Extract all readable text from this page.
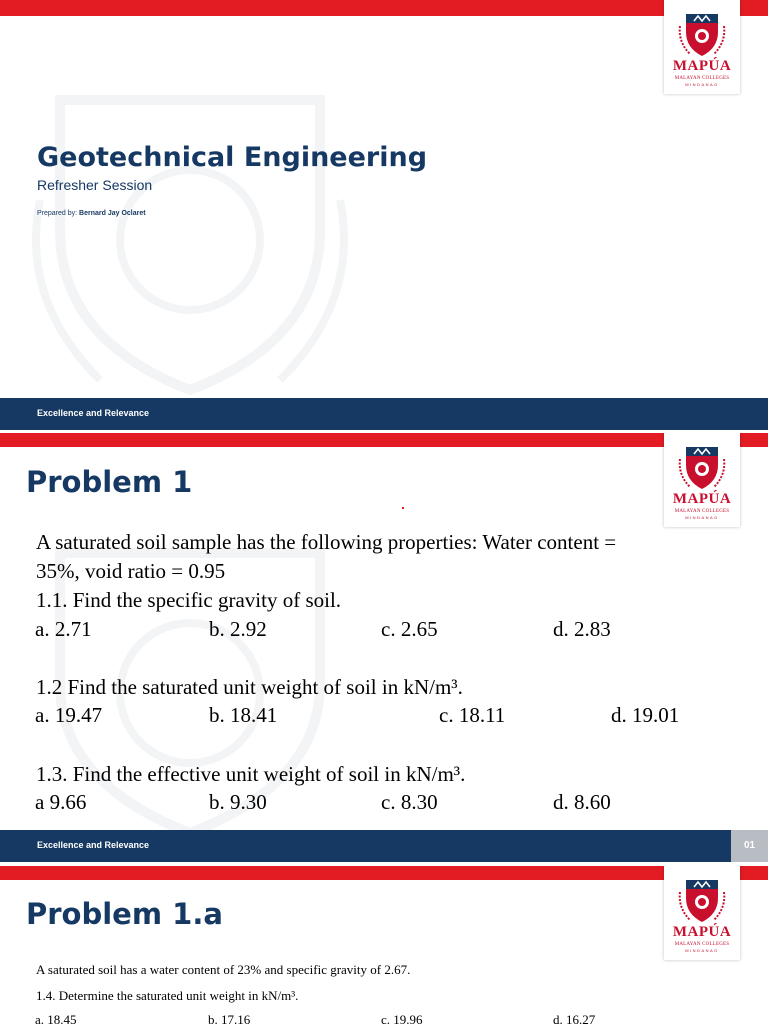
MAPÚA
MALAYAN COLLEGES
MINDANAO
Geotechnical Engineering
Refresher Session
Prepared by: Bernard Jay Oclaret
Excellence and Relevance
MAPÚA
MALAYAN COLLEGES
MINDANAO
Problem 1
A saturated soil sample has the following properties: Water content =
35%, void ratio = 0.95
1.1. Find the specific gravity of soil.
a. 2.71	b. 2.92	c. 2.65	d. 2.83
1.2 Find the saturated unit weight of soil in kN/m³.
a. 19.47	b. 18.41	c. 18.11	d. 19.01
1.3. Find the effective unit weight of soil in kN/m³.
a 9.66	b. 9.30	c. 8.30	d. 8.60
Excellence and Relevance	01
MAPÚA
MALAYAN COLLEGES
MINDANAO
Problem 1.a
A saturated soil has a water content of 23% and specific gravity of 2.67.
1.4. Determine the saturated unit weight in kN/m³.
a. 18.45	b. 17.16	c. 19.96	d. 16.27
